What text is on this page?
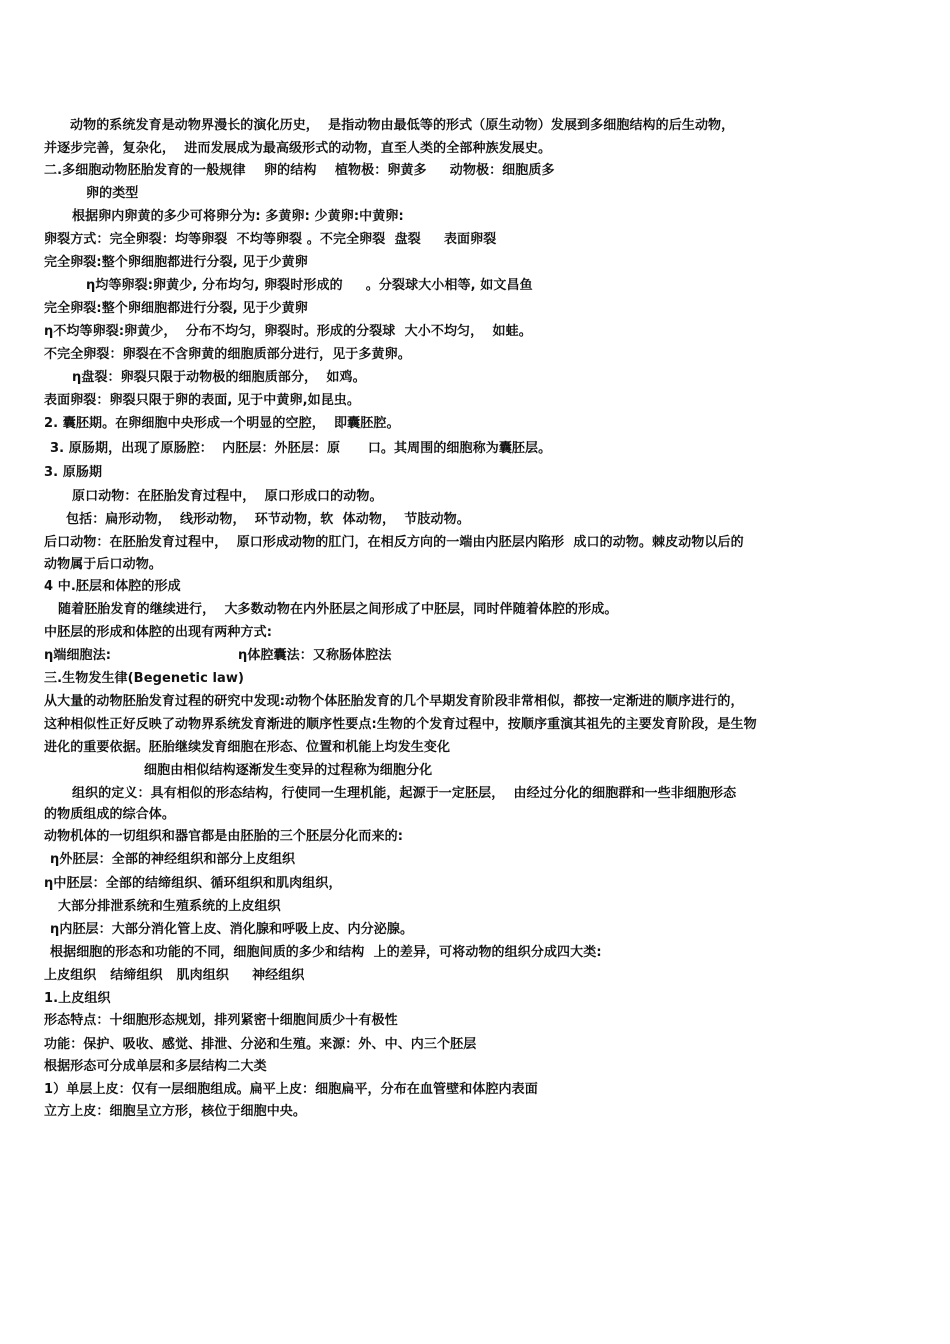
动物的系统发育是动物界漫长的演化历史，  是指动物由最低等的形式（原生动物）发展到多细胞结构的后生动物，
并逐步完善，复杂化，  进而发展成为最高级形式的动物，直至人类的全部种族发展史。
二.多细胞动物胚胎发育的一般规律    卵的结构    植物极：卵黄多     动物极：细胞质多
卵的类型
根据卵内卵黄的多少可将卵分为: 多黄卵: 少黄卵:中黄卵:
卵裂方式：完全卵裂：均等卵裂  不均等卵裂 。不完全卵裂  盘裂     表面卵裂
完全卵裂:整个卵细胞都进行分裂, 见于少黄卵
η均等卵裂:卵黄少, 分布均匀, 卵裂时形成的     。分裂球大小相等, 如文昌鱼
完全卵裂:整个卵细胞都进行分裂, 见于少黄卵
η不均等卵裂:卵黄少，  分布不均匀，卵裂时。形成的分裂球  大小不均匀，  如蛙。
不完全卵裂：卵裂在不含卵黄的细胞质部分进行，见于多黄卵。
η盘裂：卵裂只限于动物极的细胞质部分，  如鸡。
表面卵裂：卵裂只限于卵的表面, 见于中黄卵,如昆虫。
2. 囊胚期。在卵细胞中央形成一个明显的空腔，  即囊胚腔。
3. 原肠期，出现了原肠腔：  内胚层：外胚层：原      口。其周围的细胞称为囊胚层。
3. 原肠期
原口动物：在胚胎发育过程中，  原口形成口的动物。
包括：扁形动物，  线形动物，  环节动物，软  体动物，  节肢动物。
后口动物：在胚胎发育过程中，  原口形成动物的肛门，在相反方向的一端由内胚层内陷形  成口的动物。棘皮动物以后的
动物属于后口动物。
4 中.胚层和体腔的形成
随着胚胎发育的继续进行，  大多数动物在内外胚层之间形成了中胚层，同时伴随着体腔的形成。
中胚层的形成和体腔的出现有两种方式:
η端细胞法:	η体腔囊法：又称肠体腔法
三.生物发生律(Begenetic law)
从大量的动物胚胎发育过程的研究中发现:动物个体胚胎发育的几个早期发育阶段非常相似，都按一定渐进的顺序进行的，
这种相似性正好反映了动物界系统发育渐进的顺序性要点:生物的个发育过程中，按顺序重演其祖先的主要发育阶段，是生物
进化的重要依据。胚胎继续发育细胞在形态、位置和机能上均发生变化
细胞由相似结构逐渐发生变异的过程称为细胞分化
组织的定义：具有相似的形态结构，行使同一生理机能，起源于一定胚层，  由经过分化的细胞群和一些非细胞形态
的物质组成的综合体。
动物机体的一切组织和器官都是由胚胎的三个胚层分化而来的:
η外胚层：全部的神经组织和部分上皮组织
η中胚层：全部的结缔组织、循环组织和肌肉组织，
大部分排泄系统和生殖系统的上皮组织
η内胚层：大部分消化管上皮、消化腺和呼吸上皮、内分泌腺。
根据细胞的形态和功能的不同，细胞间质的多少和结构  上的差异，可将动物的组织分成四大类:
上皮组织   结缔组织   肌肉组织     神经组织
1.上皮组织
形态特点：〸细胞形态规划，排列紧密〸细胞间质少〸有极性
功能：保护、吸收、感觉、排泄、分泌和生殖。来源：外、中、内三个胚层
根据形态可分成单层和多层结构二大类
1）单层上皮：仅有一层细胞组成。扁平上皮：细胞扁平，分布在血管壁和体腔内表面
立方上皮：细胞呈立方形，核位于细胞中央。
